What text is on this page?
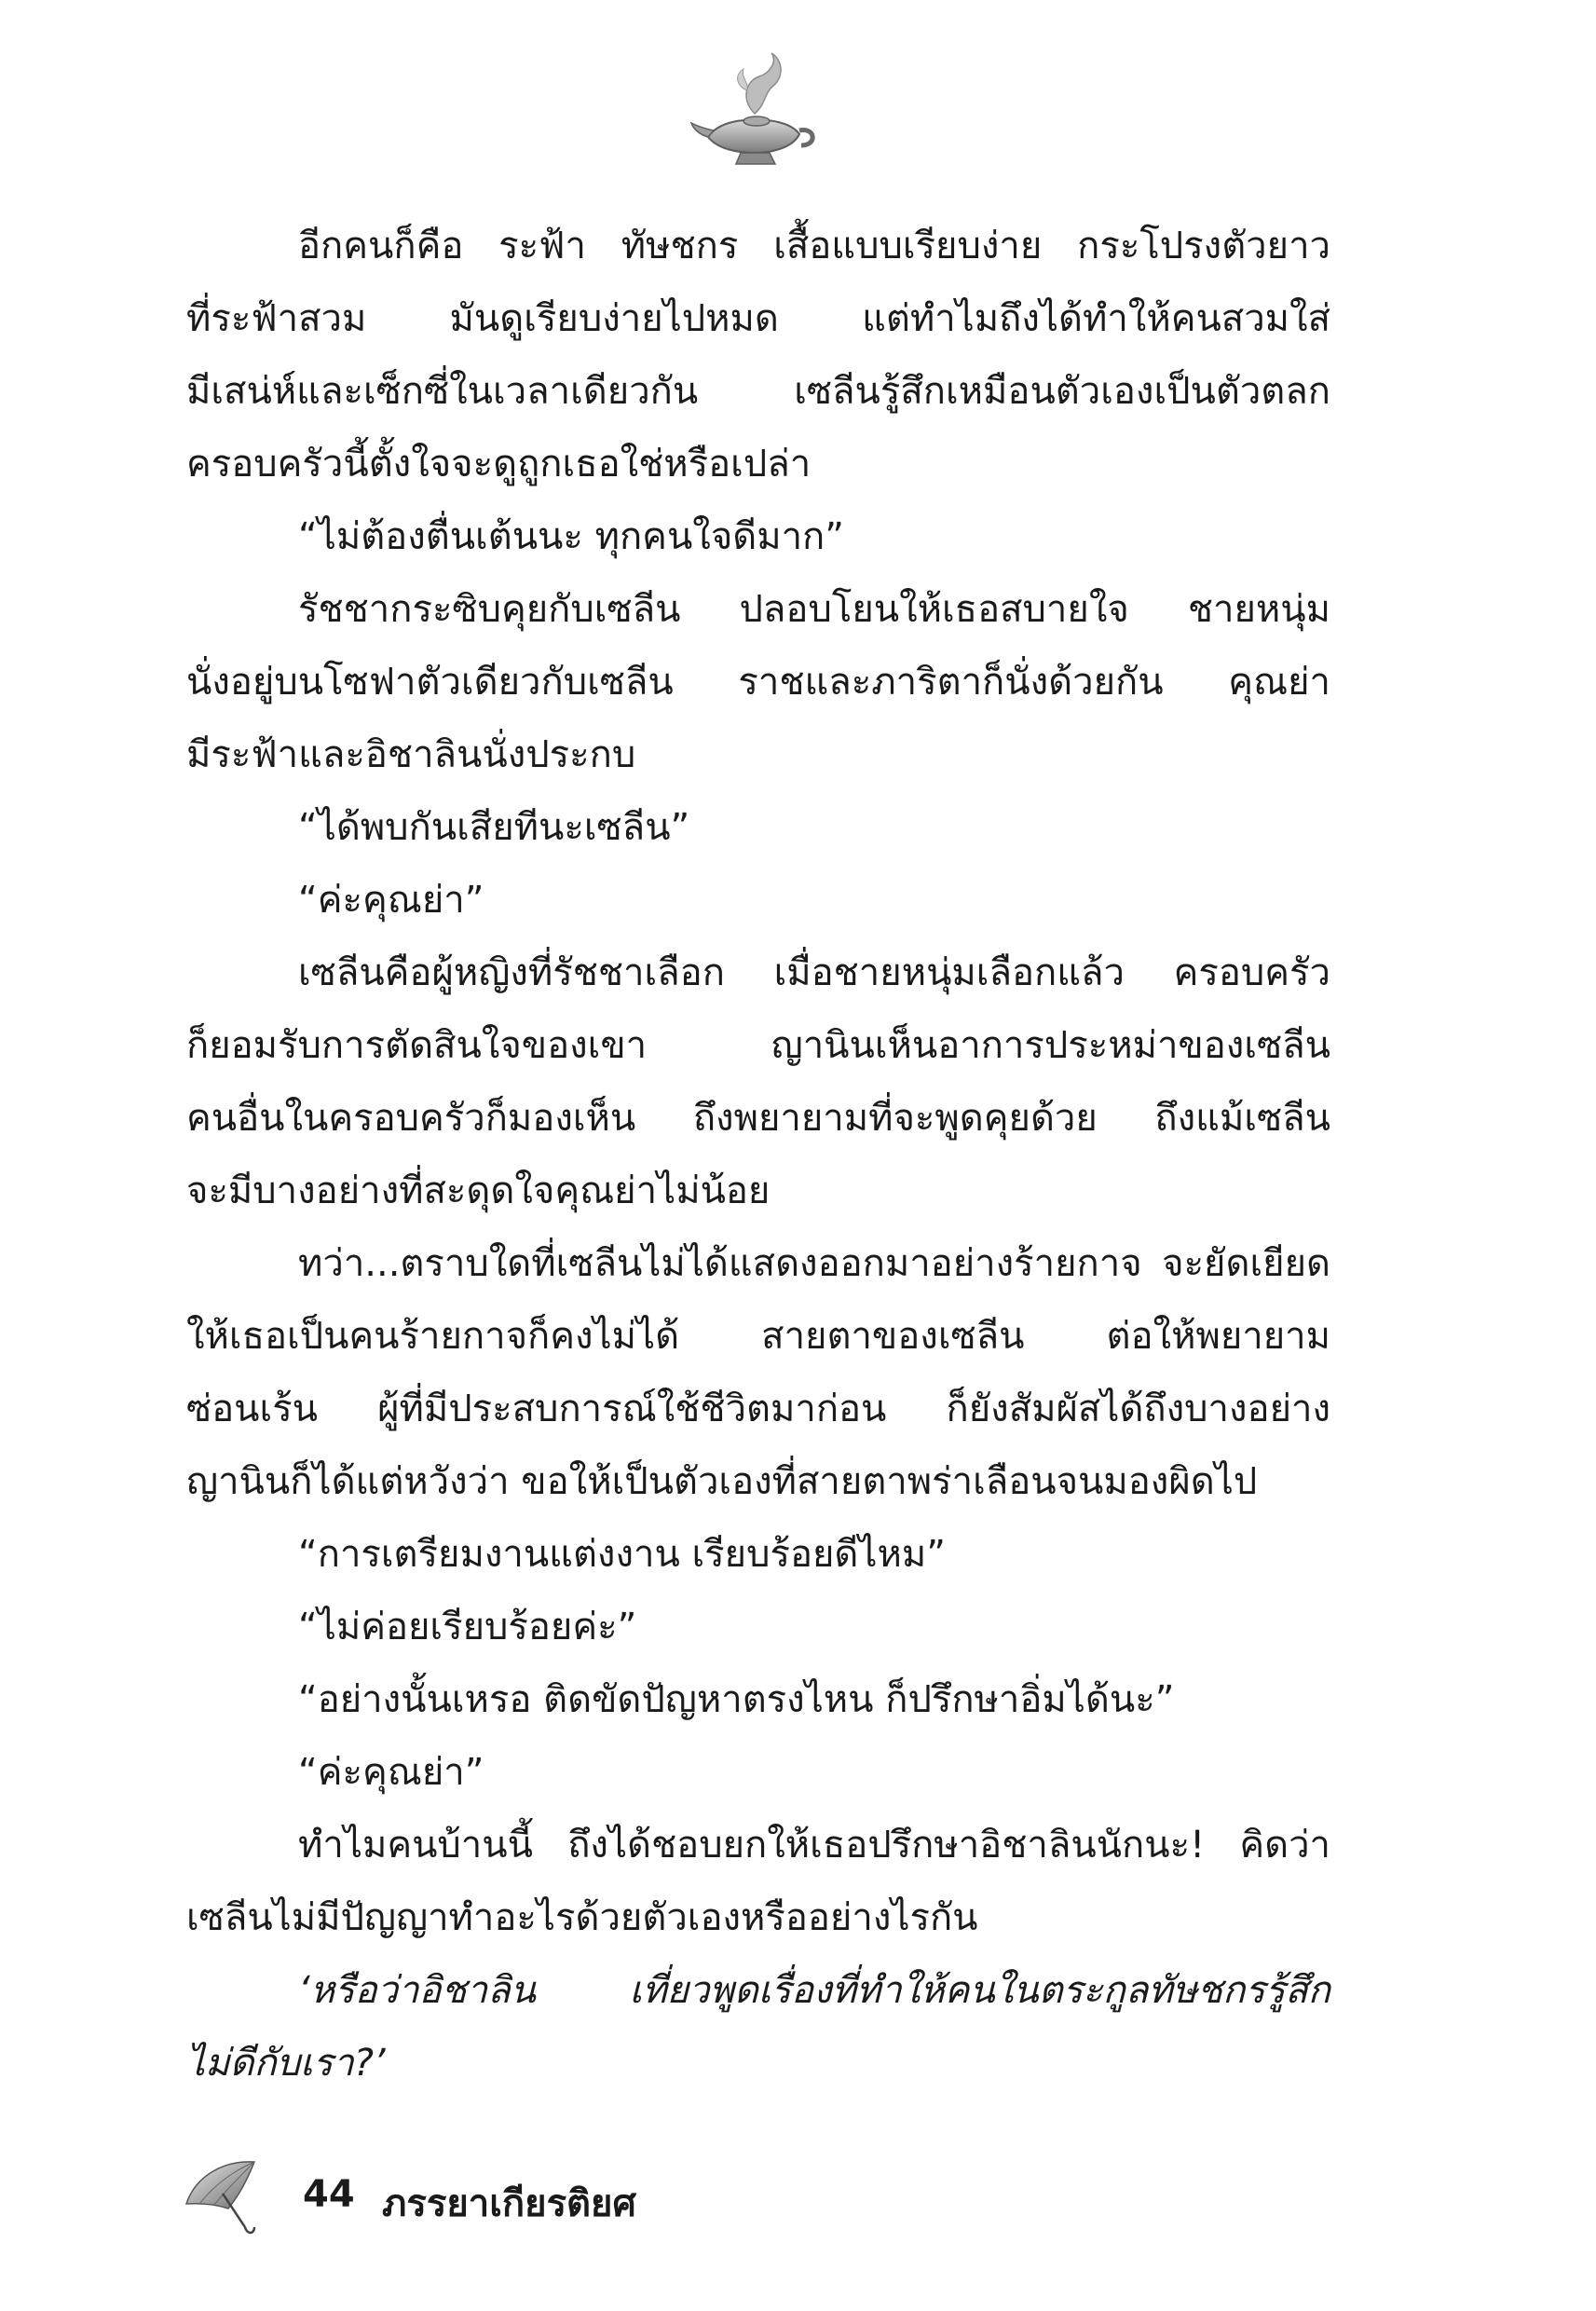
อีกคนก็คือ ระฟ้า ทัษชกร เสื้อแบบเรียบง่าย กระโปรงตัวยาว
ที่ระฟ้าสวม มันดูเรียบง่ายไปหมด แต่ทำไมถึงได้ทำให้คนสวมใส่
มีเสน่ห์และเซ็กซี่ในเวลาเดียวกัน เซลีนรู้สึกเหมือนตัวเองเป็นตัวตลก
ครอบครัวนี้ตั้งใจจะดูถูกเธอใช่หรือเปล่า
“ไม่ต้องตื่นเต้นนะ ทุกคนใจดีมาก”
รัชชากระซิบคุยกับเซลีน ปลอบโยนให้เธอสบายใจ ชายหนุ่ม
นั่งอยู่บนโซฟาตัวเดียวกับเซลีน ราชและภาริตาก็นั่งด้วยกัน คุณย่า
มีระฟ้าและอิชาลินนั่งประกบ
“ได้พบกันเสียทีนะเซลีน”
“ค่ะคุณย่า”
เซลีนคือผู้หญิงที่รัชชาเลือก เมื่อชายหนุ่มเลือกแล้ว ครอบครัว
ก็ยอมรับการตัดสินใจของเขา ญานินเห็นอาการประหม่าของเซลีน
คนอื่นในครอบครัวก็มองเห็น ถึงพยายามที่จะพูดคุยด้วย ถึงแม้เซลีน
จะมีบางอย่างที่สะดุดใจคุณย่าไม่น้อย
ทว่า...ตราบใดที่เซลีนไม่ได้แสดงออกมาอย่างร้ายกาจ จะยัดเยียด
ให้เธอเป็นคนร้ายกาจก็คงไม่ได้ สายตาของเซลีน ต่อให้พยายาม
ซ่อนเร้น ผู้ที่มีประสบการณ์ใช้ชีวิตมาก่อน ก็ยังสัมผัสได้ถึงบางอย่าง
ญานินก็ได้แต่หวังว่า ขอให้เป็นตัวเองที่สายตาพร่าเลือนจนมองผิดไป
“การเตรียมงานแต่งงาน เรียบร้อยดีไหม”
“ไม่ค่อยเรียบร้อยค่ะ”
“อย่างนั้นเหรอ ติดขัดปัญหาตรงไหน ก็ปรึกษาอิ่มได้นะ”
“ค่ะคุณย่า”
ทำไมคนบ้านนี้ ถึงได้ชอบยกให้เธอปรึกษาอิชาลินนักนะ! คิดว่า
เซลีนไม่มีปัญญาทำอะไรด้วยตัวเองหรืออย่างไรกัน
‘หรือว่าอิชาลิน เที่ยวพูดเรื่องที่ทำให้คนในตระกูลทัษชกรรู้สึก
ไม่ดีกับเรา?’
44 ภรรยาเกียรติยศ
